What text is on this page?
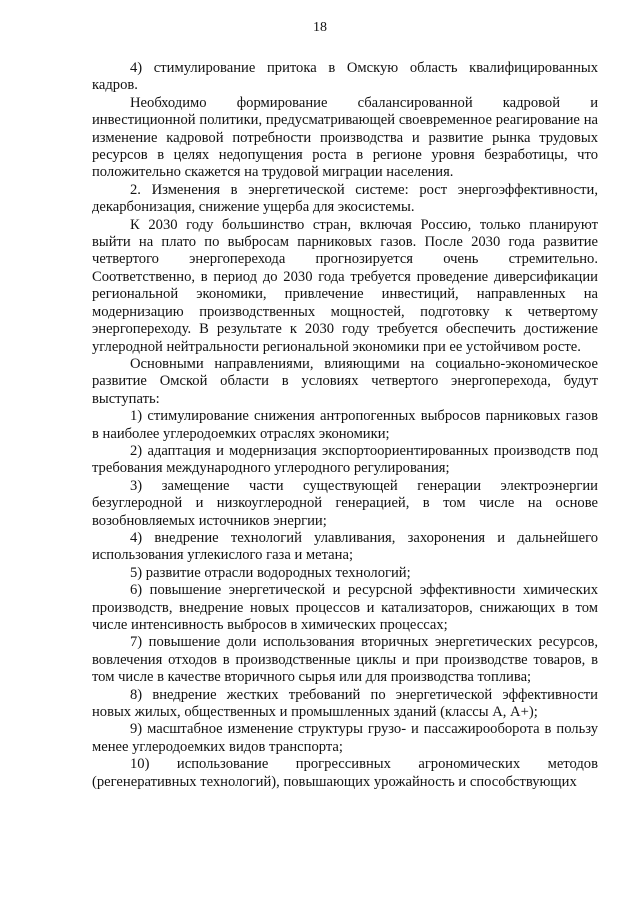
18

4) стимулирование притока в Омскую область квалифицированных кадров.

Необходимо формирование сбалансированной кадровой и инвестиционной политики, предусматривающей своевременное реагирование на изменение кадровой потребности производства и развитие рынка трудовых ресурсов в целях недопущения роста в регионе уровня безработицы, что положительно скажется на трудовой миграции населения.

2. Изменения в энергетической системе: рост энергоэффективности, декарбонизация, снижение ущерба для экосистемы.

К 2030 году большинство стран, включая Россию, только планируют выйти на плато по выбросам парниковых газов. После 2030 года развитие четвертого энергоперехода прогнозируется очень стремительно. Соответственно, в период до 2030 года требуется проведение диверсификации региональной экономики, привлечение инвестиций, направленных на модернизацию производственных мощностей, подготовку к четвертому энергопереходу. В результате к 2030 году требуется обеспечить достижение углеродной нейтральности региональной экономики при ее устойчивом росте.

Основными направлениями, влияющими на социально-экономическое развитие Омской области в условиях четвертого энергоперехода, будут выступать:

1) стимулирование снижения антропогенных выбросов парниковых газов в наиболее углеродоемких отраслях экономики;

2) адаптация и модернизация экспортоориентированных производств под требования международного углеродного регулирования;

3) замещение части существующей генерации электроэнергии безуглеродной и низкоуглеродной генерацией, в том числе на основе возобновляемых источников энергии;

4) внедрение технологий улавливания, захоронения и дальнейшего использования углекислого газа и метана;

5) развитие отрасли водородных технологий;

6) повышение энергетической и ресурсной эффективности химических производств, внедрение новых процессов и катализаторов, снижающих в том числе интенсивность выбросов в химических процессах;

7) повышение доли использования вторичных энергетических ресурсов, вовлечения отходов в производственные циклы и при производстве товаров, в том числе в качестве вторичного сырья или для производства топлива;

8) внедрение жестких требований по энергетической эффективности новых жилых, общественных и промышленных зданий (классы А, А+);

9) масштабное изменение структуры грузо- и пассажирооборота в пользу менее углеродоемких видов транспорта;

10) использование прогрессивных агрономических методов (регенеративных технологий), повышающих урожайность и способствующих
